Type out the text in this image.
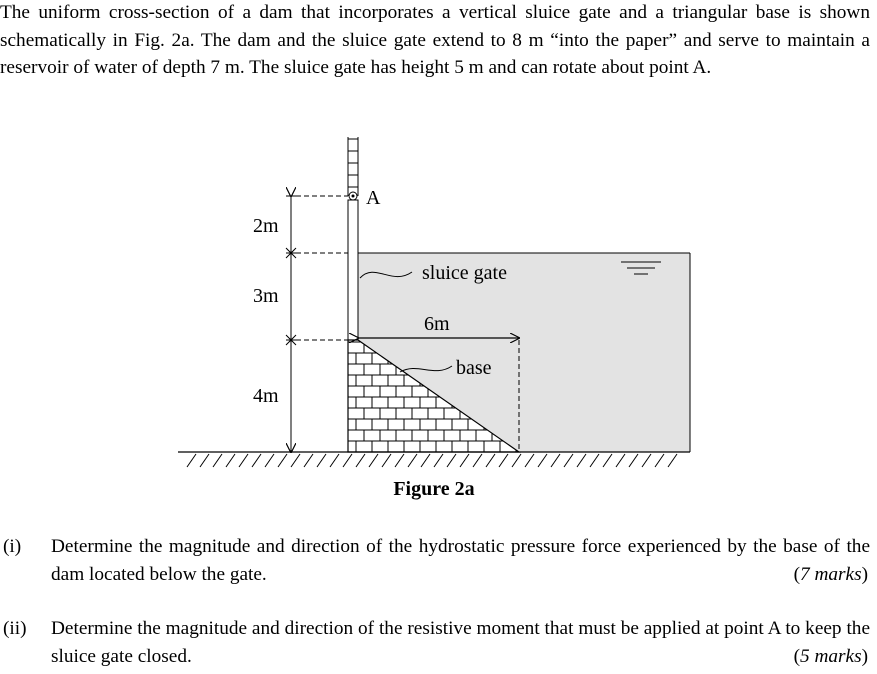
The uniform cross-section of a dam that incorporates a vertical sluice gate and a triangular base is shown schematically in Fig. 2a. The dam and the sluice gate extend to 8 m “into the paper” and serve to maintain a reservoir of water of depth 7 m. The sluice gate has height 5 m and can rotate about point A.

A
2m
3m
4m
6m
sluice gate
base
Figure 2a
(i) Determine the magnitude and direction of the hydrostatic pressure force experienced by the base of the dam located below the gate.	(7 marks)
(ii) Determine the magnitude and direction of the resistive moment that must be applied at point A to keep the sluice gate closed.	(5 marks)
